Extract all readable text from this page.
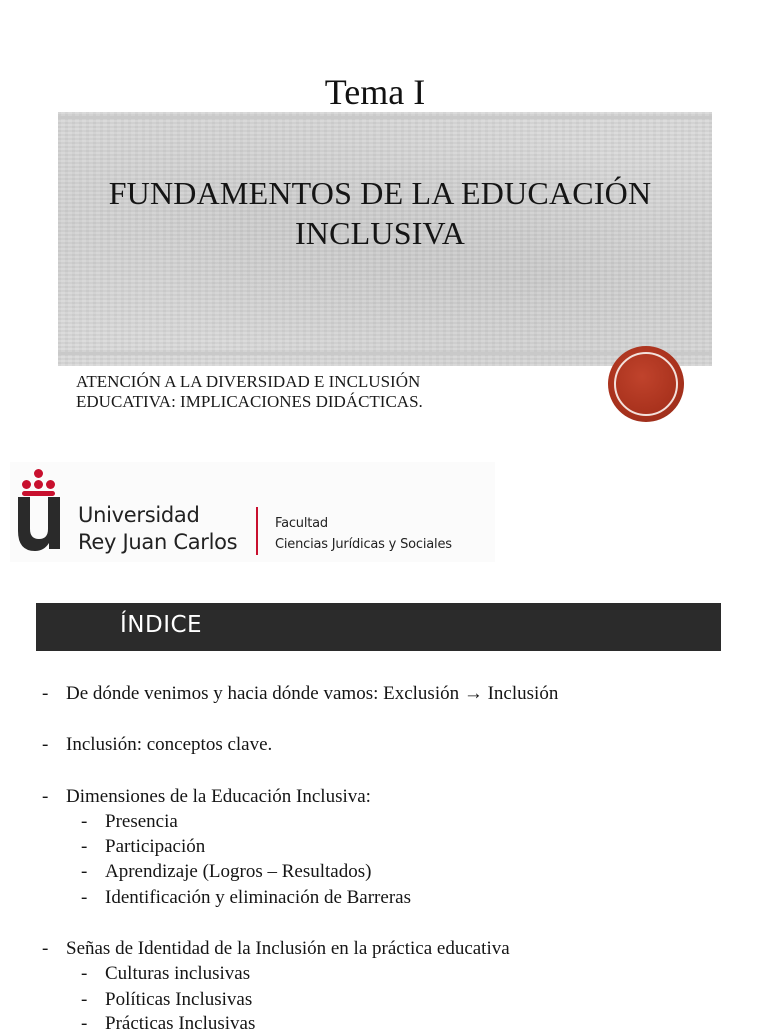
Tema I
FUNDAMENTOS DE LA EDUCACIÓN
INCLUSIVA
ATENCIÓN A LA DIVERSIDAD E INCLUSIÓN
EDUCATIVA: IMPLICACIONES DIDÁCTICAS.
Universidad
Rey Juan Carlos
Facultad
Ciencias Jurídicas y Sociales
ÍNDICE
- De dónde venimos y hacia dónde vamos: Exclusión → Inclusión
- Inclusión: conceptos clave.
- Dimensiones de la Educación Inclusiva:
- Presencia
- Participación
- Aprendizaje (Logros – Resultados)
- Identificación y eliminación de Barreras
- Señas de Identidad de la Inclusión en la práctica educativa
- Culturas inclusivas
- Políticas Inclusivas
- Prácticas Inclusivas
